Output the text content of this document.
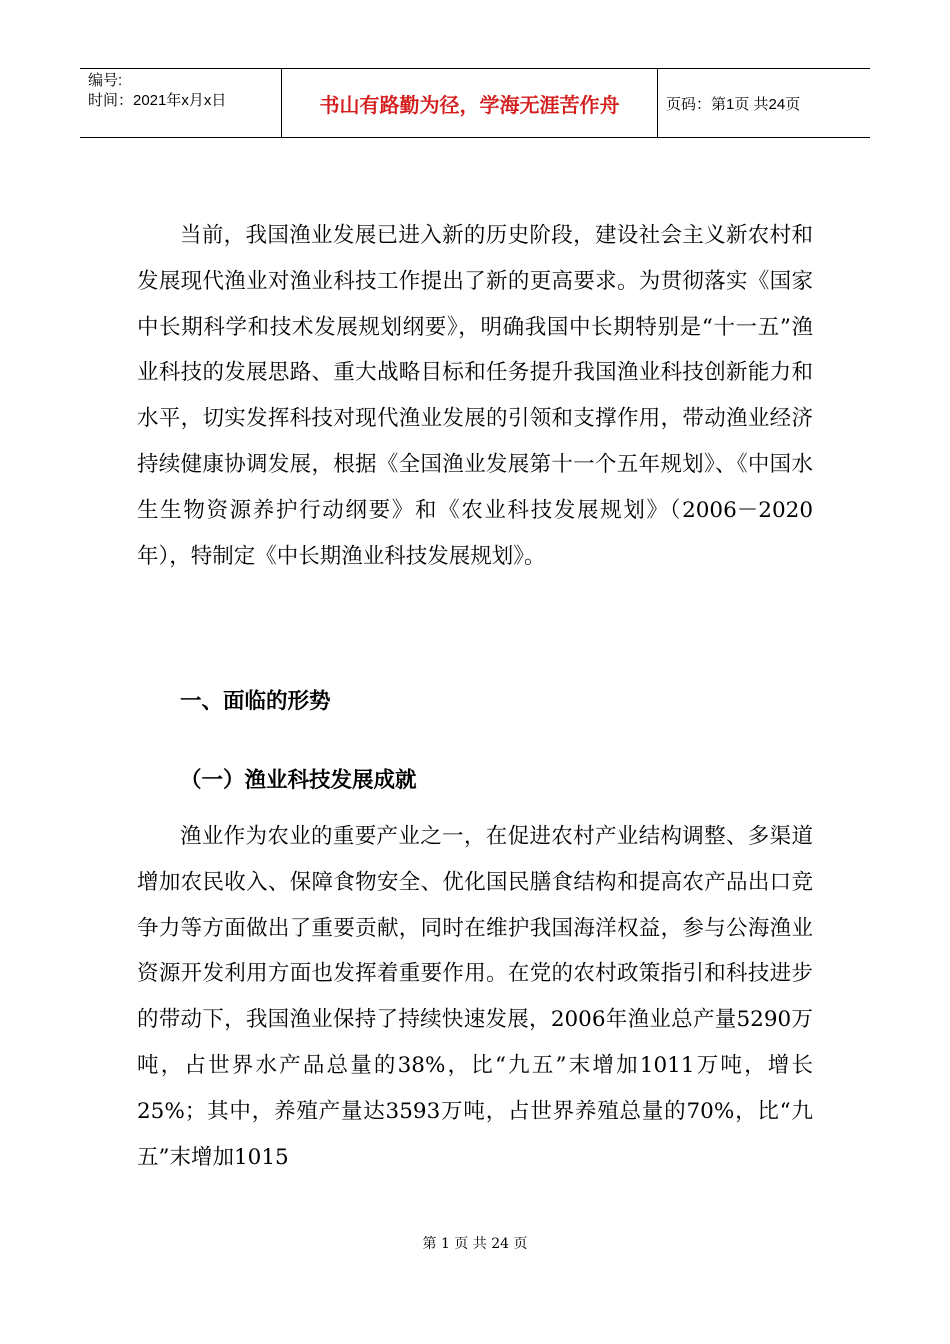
编号:
时间：2021年x月x日	书山有路勤为径，学海无涯苦作舟	页码：第1页 共24页

当前，我国渔业发展已进入新的历史阶段，建设社会主义新农村和发展现代渔业对渔业科技工作提出了新的更高要求。为贯彻落实《国家中长期科学和技术发展规划纲要》，明确我国中长期特别是“十一五”渔业科技的发展思路、重大战略目标和任务提升我国渔业科技创新能力和水平，切实发挥科技对现代渔业发展的引领和支撑作用，带动渔业经济持续健康协调发展，根据《全国渔业发展第十一个五年规划》、《中国水生生物资源养护行动纲要》和《农业科技发展规划》（2006－2020年），特制定《中长期渔业科技发展规划》。

一、面临的形势
（一）渔业科技发展成就

渔业作为农业的重要产业之一，在促进农村产业结构调整、多渠道增加农民收入、保障食物安全、优化国民膳食结构和提高农产品出口竞争力等方面做出了重要贡献，同时在维护我国海洋权益，参与公海渔业资源开发利用方面也发挥着重要作用。在党的农村政策指引和科技进步的带动下，我国渔业保持了持续快速发展，2006年渔业总产量5290万吨，占世界水产品总量的38%，比“九五”末增加1011万吨，增长25%；其中，养殖产量达3593万吨，占世界养殖总量的70%，比“九五”末增加1015

第 1 页 共 24 页
